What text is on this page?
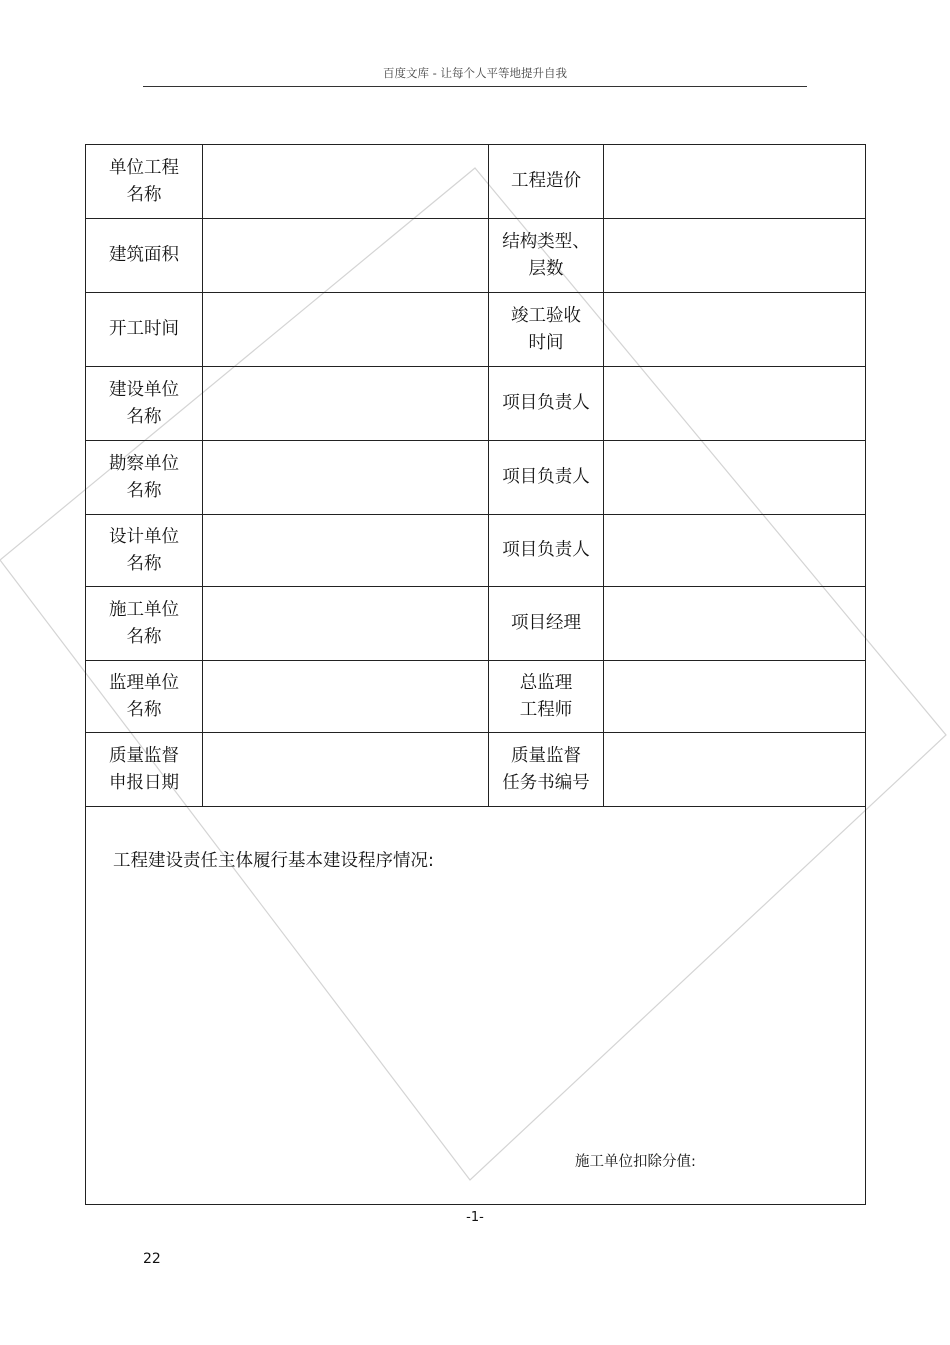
百度文库 - 让每个人平等地提升自我
单位工程
名称		工程造价	

建筑面积		结构类型、
层数	

开工时间		竣工验收
时间	

建设单位
名称		项目负责人	

勘察单位
名称		项目负责人	

设计单位
名称		项目负责人	

施工单位
名称		项目经理	

监理单位
名称		总监理
工程师	

质量监督
申报日期		质量监督
任务书编号	

工程建设责任主体履行基本建设程序情况:
施工单位扣除分值:			
-1-
22
